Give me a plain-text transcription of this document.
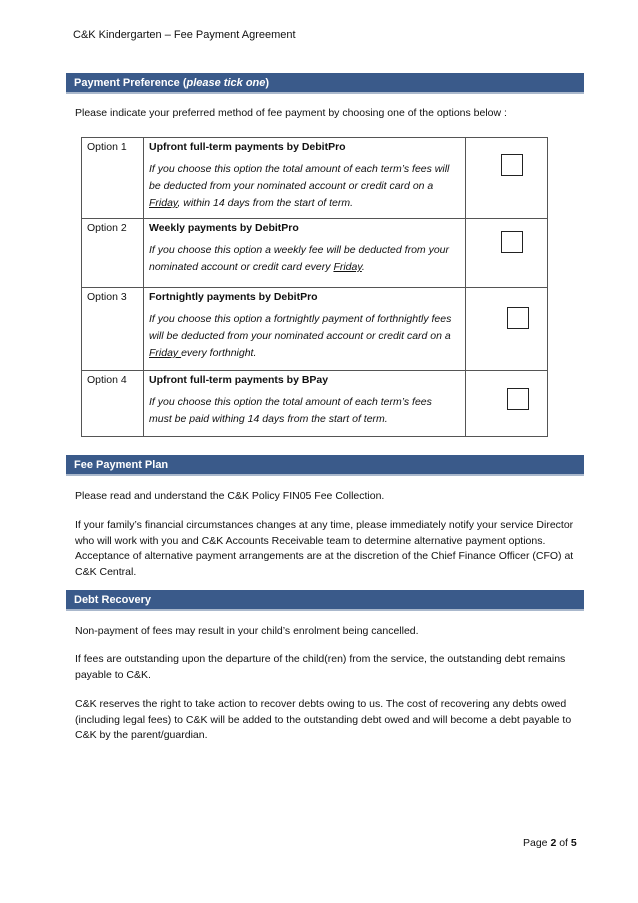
C&K Kindergarten – Fee Payment Agreement
Payment Preference (please tick one)

Please indicate your preferred method of fee payment by choosing one of the options below :

Option 1	Upfront full-term payments by DebitPro
If you choose this option the total amount of each term’s fees will be deducted from your nominated account or credit card on a Friday, within 14 days from the start of term.	

Option 2	Weekly payments by DebitPro
If you choose this option a weekly fee will be deducted from your nominated account or credit card every Friday.	

Option 3	Fortnightly payments by DebitPro
If you choose this option a fortnightly payment of forthnightly fees will be deducted from your nominated account or credit card on a Friday every forthnight.	

Option 4	Upfront full-term payments by BPay
If you choose this option the total amount of each term’s fees must be paid withing 14 days from the start of term.	

Fee Payment Plan

Please read and understand the C&K Policy FIN05 Fee Collection.

If your family’s financial circumstances changes at any time, please immediately notify your service Director who will work with you and C&K Accounts Receivable team to determine alternative payment options. Acceptance of alternative payment arrangements are at the discretion of the Chief Finance Officer (CFO) at C&K Central.

Debt Recovery

Non-payment of fees may result in your child’s enrolment being cancelled.

If fees are outstanding upon the departure of the child(ren) from the service, the outstanding debt remains payable to C&K.

C&K reserves the right to take action to recover debts owing to us. The cost of recovering any debts owed (including legal fees) to C&K will be added to the outstanding debt owed and will become a debt payable to C&K by the parent/guardian.

Page 2 of 5
